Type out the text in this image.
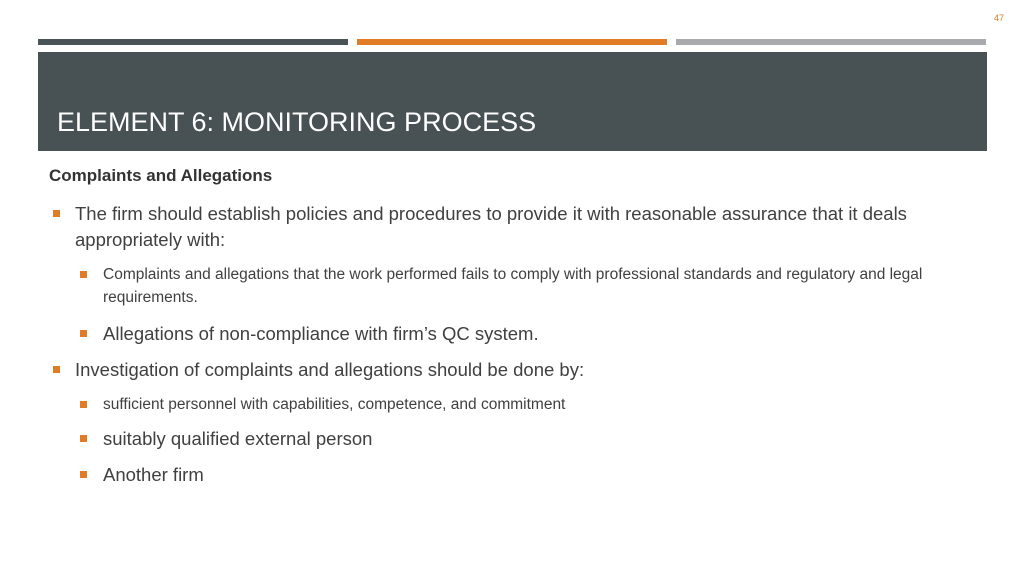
47
ELEMENT 6: MONITORING PROCESS
Complaints and Allegations
The firm should establish policies and procedures to provide it with reasonable assurance that it deals appropriately with:
Complaints and allegations that the work performed fails to comply with professional standards and regulatory and legal requirements.
Allegations of non-compliance with firm’s QC system.
Investigation of complaints and allegations should be done by:
sufficient personnel with capabilities, competence, and commitment
suitably qualified external person
Another firm
